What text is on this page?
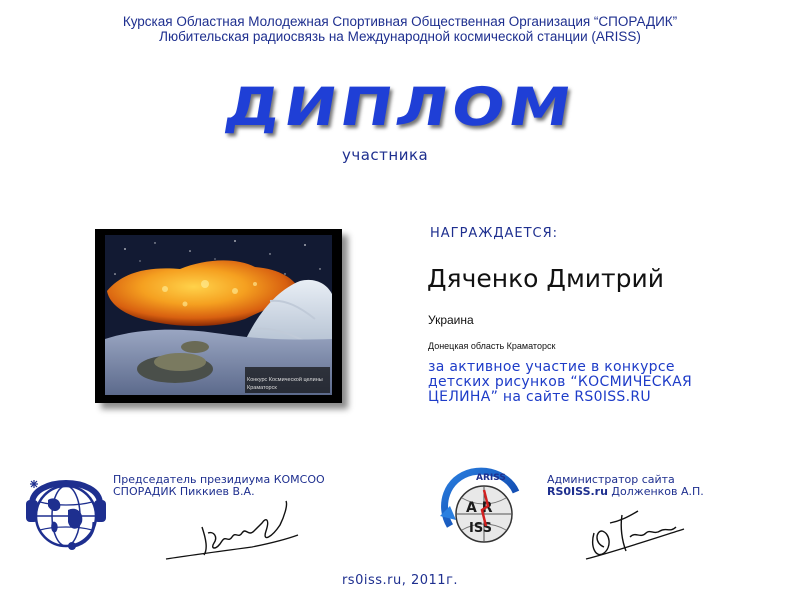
Курская Областная Молодежная Спортивная Общественная Организация “СПОРАДИК”
Любительская радиосвязь на Международной космической станции (ARISS)
ДИПЛОМ
участника
Конкурс Космической целины
Краматорск
НАГРАЖДАЕТСЯ:
Дяченко Дмитрий
Украина
Донецкая область Краматорск
за активное участие в конкурсе
детских рисунков “КОСМИЧЕСКАЯ
ЦЕЛИНА” на сайте RS0ISS.RU
Председатель президиума КОМСОО
СПОРАДИК Пиккиев В.А.
ARISS
A R
ISS
Администратор сайта
RS0ISS.ru Долженков А.П.
rs0iss.ru, 2011г.
